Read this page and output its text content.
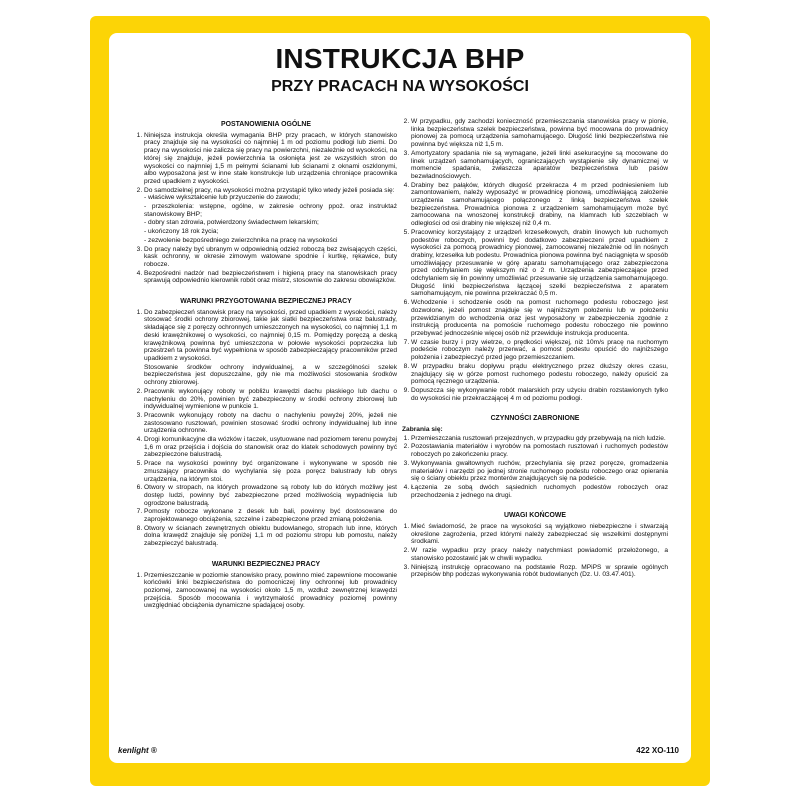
INSTRUKCJA BHP
PRZY PRACACH NA WYSOKOŚCI
POSTANOWIENIA OGÓLNE
1. Niniejsza instrukcja określa wymagania BHP przy pracach, w których stanowisko pracy znajduje się na wysokości co najmniej 1 m od poziomu podłogi lub ziemi. Do pracy na wysokości nie zalicza się pracy na powierzchni, niezależnie od wysokości, na której się znajduje, jeżeli powierzchnia ta osłonięta jest ze wszystkich stron do wysokości co najmniej 1,5 m pełnymi ścianami lub ścianami z oknami oszklonymi, albo wyposażona jest w inne stałe konstrukcje lub urządzenia chroniące pracownika przed upadkiem z wysokości.
2. Do samodzielnej pracy, na wysokości można przystąpić tylko wtedy jeżeli posiada się:
- właściwe wykształcenie lub przyuczenie do zawodu;
- przeszkolenia: wstępne, ogólne, w zakresie ochrony ppoż. oraz instruktaż stanowiskowy BHP;
- dobry stan zdrowia, potwierdzony świadectwem lekarskim;
- ukończony 18 rok życia;
- zezwolenie bezpośredniego zwierzchnika na pracę na wysokości
3. Do pracy należy być ubranym w odpowiednią odzież roboczą bez zwisających części, kask ochronny, w okresie zimowym watowane spodnie i kurtkę, rękawice, buty robocze.
4. Bezpośredni nadzór nad bezpieczeństwem i higieną pracy na stanowiskach pracy sprawują odpowiednio kierownik robót oraz mistrz, stosownie do zakresu obowiązków.
WARUNKI PRZYGOTOWANIA BEZPIECZNEJ PRACY

1. Do zabezpieczeń stanowisk pracy na wysokości, przed upadkiem z wysokości, należy stosować środki ochrony zbiorowej, takie jak siatki bezpieczeństwa oraz balustrady, składające się z poręczy ochronnych umieszczonych na wysokości, co najmniej 1,1 m deski krawężnikowej o wysokości, co najmniej 0,15 m. Pomiędzy poręczą a deską krawężnikową powinna być umieszczona w połowie wysokości poprzeczka lub przestrzeń ta powinna być wypełniona w sposób zabezpieczający pracowników przed upadkiem z wysokości.

Stosowanie środków ochrony indywidualnej, a w szczególności szelek bezpieczeństwa jest dopuszczalne, gdy nie ma możliwości stosowania środków ochrony zbiorowej.

2. Pracownik wykonujący roboty w pobliżu krawędzi dachu płaskiego lub dachu o nachyleniu do 20%, powinien być zabezpieczony w środki ochrony zbiorowej lub indywidualnej wymienione w punkcie 1.
3. Pracownik wykonujący roboty na dachu o nachyleniu powyżej 20%, jeżeli nie zastosowano rusztowań, powinien stosować środki ochrony indywidualnej lub inne urządzenia ochronne.
4. Drogi komunikacyjne dla wózków i taczek, usytuowane nad poziomem terenu powyżej 1,6 m oraz przejścia i dojścia do stanowisk oraz do klatek schodowych powinny być zabezpieczone balustradą.
5. Prace na wysokości powinny być organizowane i wykonywane w sposób nie zmuszający pracownika do wychylania się poza poręcz balustrady lub obrys urządzenia, na którym stoi.
6. Otwory w stropach, na których prowadzone są roboty lub do których możliwy jest dostęp ludzi, powinny być zabezpieczone przed możliwością wypadnięcia lub ogrodzone balustradą.
7. Pomosty robocze wykonane z desek lub bali, powinny być dostosowane do zaprojektowanego obciążenia, szczelne i zabezpieczone przed zmianą położenia.
8. Otwory w ścianach zewnętrznych obiektu budowlanego, stropach lub inne, których dolna krawędź znajduje się poniżej 1,1 m od poziomu stropu lub pomostu, należy zabezpieczyć balustradą.
WARUNKI BEZPIECZNEJ PRACY
1. Przemieszczanie w poziomie stanowisko pracy, powinno mieć zapewnione mocowanie końcówki linki bezpieczeństwa do pomocniczej liny ochronnej lub prowadnicy poziomej, zamocowanej na wysokości około 1,5 m, wzdłuż zewnętrznej krawędzi przejścia. Sposób mocowania i wytrzymałość prowadnicy poziomej powinny uwzględniać obciążenia dynamiczne spadającej osoby.
2. W przypadku, gdy zachodzi konieczność przemieszczania stanowiska pracy w pionie, linka bezpieczeństwa szelek bezpieczeństwa, powinna być mocowana do prowadnicy pionowej za pomocą urządzenia samohamującego. Długość linki bezpieczeństwa nie powinna być większa niż 1,5 m.
3. Amortyzatory spadania nie są wymagane, jeżeli linki asekuracyjne są mocowane do linek urządzeń samohamujących, ograniczających wystąpienie siły dynamicznej w momencie spadania, zwłaszcza aparatów bezpieczeństwa lub pasów bezwładnościowych.
4. Drabiny bez pałąków, których długość przekracza 4 m przed podniesieniem lub zamontowaniem, należy wyposażyć w prowadnicę pionową, umożliwiającą założenie urządzenia samohamującego połączonego z linką bezpieczeństwa szelek bezpieczeństwa. Prowadnica pionowa z urządzeniem samohamującym może być zamocowana na wnoszonej konstrukcji drabiny, na klamrach lub szczeblach w odległości od osi drabiny nie większej niż 0,4 m.
5. Pracownicy korzystający z urządzeń krzesełkowych, drabin linowych lub ruchomych podestów roboczych, powinni być dodatkowo zabezpieczeni przed upadkiem z wysokości za pomocą prowadnicy pionowej, zamocowanej niezależnie od lin nośnych drabiny, krzesełka lub podestu. Prowadnica pionowa powinna być naciągnięta w sposób umożliwiający przesuwanie w górę aparatu samohamującego oraz zabezpieczona przed odchylaniem się większym niż o 2 m. Urządzenia zabezpieczające przed odchylaniem się lin powinny umożliwiać przesuwanie się urządzenia samohamującego. Długość linki bezpieczeństwa łączącej szelki bezpieczeństwa z aparatem samohamującym, nie powinna przekraczać 0,5 m.
6. Wchodzenie i schodzenie osób na pomost ruchomego podestu roboczego jest dozwolone, jeżeli pomost znajduje się w najniższym położeniu lub w położeniu przewidzianym do wchodzenia oraz jest wyposażony w zabezpieczenia zgodnie z instrukcją producenta na pomoście ruchomego podestu roboczego nie powinno przebywać jednocześnie więcej osób niż przewiduje instrukcja producenta.
7. W czasie burzy i przy wietrze, o prędkości większej, niż 10m/s pracę na ruchomym podeście roboczym należy przerwać, a pomost podestu opuścić do najniższego położenia i zabezpieczyć przed jego przemieszczaniem.
8. W przypadku braku dopływu prądu elektrycznego przez dłuższy okres czasu, znajdujący się w górze pomost ruchomego podestu roboczego, należy opuścić za pomocą ręcznego urządzenia.
9. Dopuszcza się wykonywanie robót malarskich przy użyciu drabin rozstawionych tylko do wysokości nie przekraczającej 4 m od poziomu podłogi.
CZYNNOŚCI ZABRONIONE
Zabrania się:
1. Przemieszczania rusztowań przejezdnych, w przypadku gdy przebywają na nich ludzie.
2. Pozostawiania materiałów i wyrobów na pomostach rusztowań i ruchomych podestów roboczych po zakończeniu pracy.
3. Wykonywania gwałtownych ruchów, przechylania się przez poręcze, gromadzenia materiałów i narzędzi po jednej stronie ruchomego podestu roboczego oraz opierania się o ściany obiektu przez monterów znajdujących się na podeście.
4. Łączenia ze sobą dwóch sąsiednich ruchomych podestów roboczych oraz przechodzenia z jednego na drugi.
UWAGI KOŃCOWE
1. Mieć świadomość, że prace na wysokości są wyjątkowo niebezpieczne i stwarzają określone zagrożenia, przed którymi należy zabezpieczać się wszelkimi dostępnymi środkami.
2. W razie wypadku przy pracy należy natychmiast powiadomić przełożonego, a stanowisko pozostawić jak w chwili wypadku.
3. Niniejszą instrukcję opracowano na podstawie Rozp. MPiPS w sprawie ogólnych przepisów bhp podczas wykonywania robót budowlanych (Dz. U. 03.47.401).
kenlight ®	422 XO-110
